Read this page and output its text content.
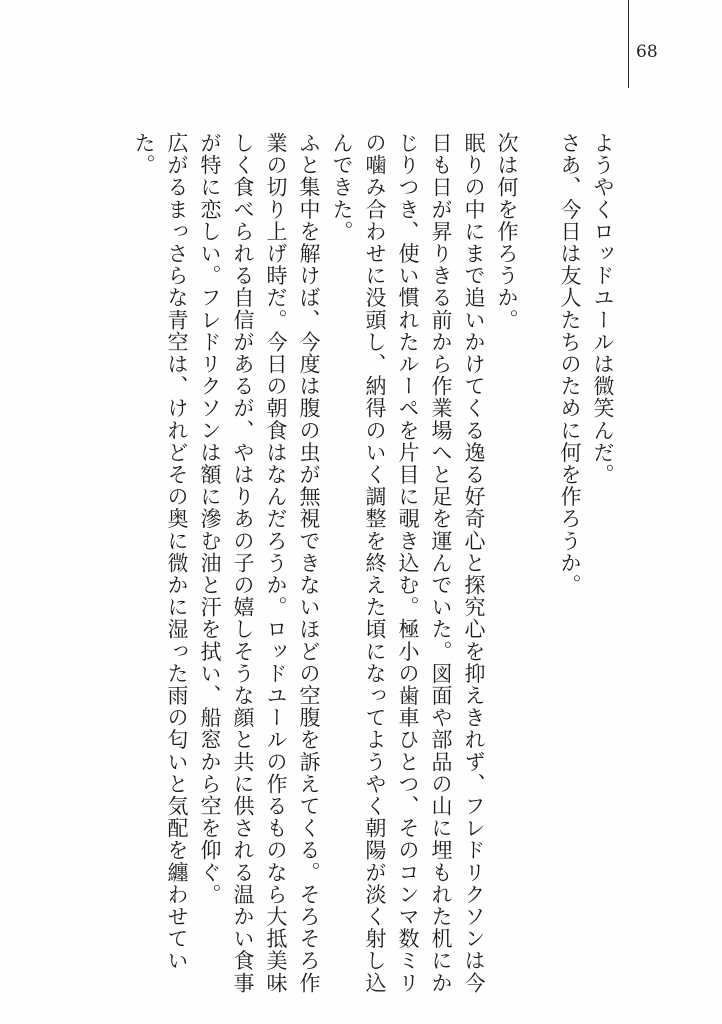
68

ようやくロッドユールは微笑んだ。

さあ、今日は友人たちのために何を作ろうか。

次は何を作ろうか。

眠りの中にまで追いかけてくる逸る好奇心と探究心を抑えきれず、フレドリクソンは今日も日が昇りきる前から作業場へと足を運んでいた。図面や部品の山に埋もれた机にかじりつき、使い慣れたルーペを片目に覗き込む。極小の歯車ひとつ、そのコンマ数ミリの噛み合わせに没頭し、納得のいく調整を終えた頃になってようやく朝陽が淡く射し込んできた。

ふと集中を解けば、今度は腹の虫が無視できないほどの空腹を訴えてくる。そろそろ作業の切り上げ時だ。今日の朝食はなんだろうか。ロッドユールの作るものなら大抵美味しく食べられる自信があるが、やはりあの子の嬉しそうな顔と共に供される温かい食事が特に恋しい。フレドリクソンは額に滲む油と汗を拭い、船窓から空を仰ぐ。

広がるまっさらな青空は、けれどその奥に微かに湿った雨の匂いと気配を纏わせていた。
